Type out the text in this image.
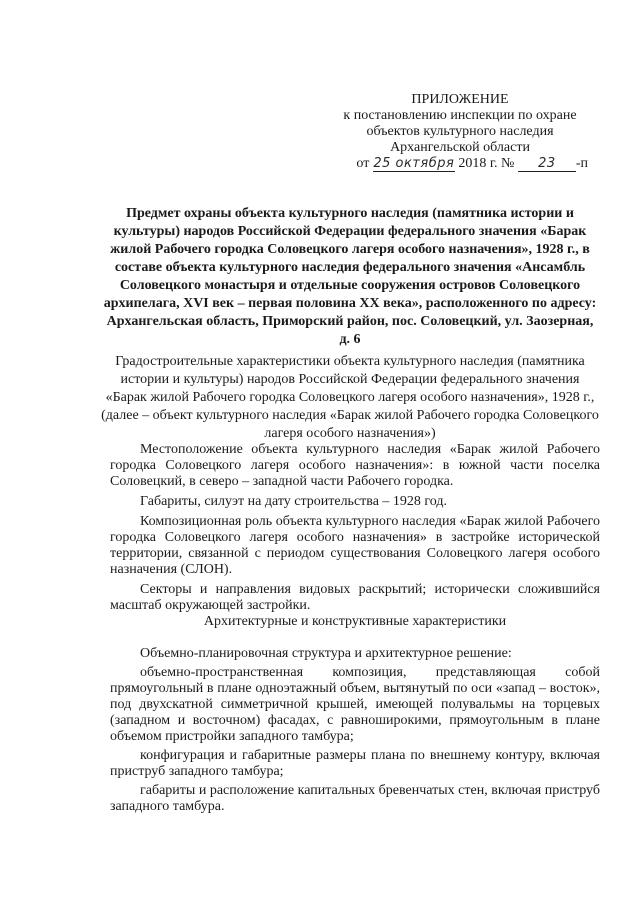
ПРИЛОЖЕНИЕ
к постановлению инспекции по охране
объектов культурного наследия
Архангельской области
от 25 октября 2018 г. № 23 -п
Предмет охраны объекта культурного наследия (памятника истории и культуры) народов Российской Федерации федерального значения «Барак жилой Рабочего городка Соловецкого лагеря особого назначения», 1928 г., в составе объекта культурного наследия федерального значения «Ансамбль Соловецкого монастыря и отдельные сооружения островов Соловецкого архипелага, XVI век – первая половина XX века», расположенного по адресу: Архангельская область, Приморский район, пос. Соловецкий, ул. Заозерная, д. 6
Градостроительные характеристики объекта культурного наследия (памятника истории и культуры) народов Российской Федерации федерального значения «Барак жилой Рабочего городка Соловецкого лагеря особого назначения», 1928 г., (далее – объект культурного наследия «Барак жилой Рабочего городка Соловецкого лагеря особого назначения»)

Местоположение объекта культурного наследия «Барак жилой Рабочего городка Соловецкого лагеря особого назначения»: в южной части поселка Соловецкий, в северо – западной части Рабочего городка.

Габариты, силуэт на дату строительства – 1928 год.

Композиционная роль объекта культурного наследия «Барак жилой Рабочего городка Соловецкого лагеря особого назначения» в застройке исторической территории, связанной с периодом существования Соловецкого лагеря особого назначения (СЛОН).

Секторы и направления видовых раскрытий; исторически сложившийся масштаб окружающей застройки.

Архитектурные и конструктивные характеристики

Объемно-планировочная структура и архитектурное решение:

объемно-пространственная композиция, представляющая собой прямоугольный в плане одноэтажный объем, вытянутый по оси «запад – восток», под двухскатной симметричной крышей, имеющей полувальмы на торцевых (западном и восточном) фасадах, с равноширокими, прямоугольным в плане объемом пристройки западного тамбура;

конфигурация и габаритные размеры плана по внешнему контуру, включая приструб западного тамбура;

габариты и расположение капитальных бревенчатых стен, включая приструб западного тамбура.
